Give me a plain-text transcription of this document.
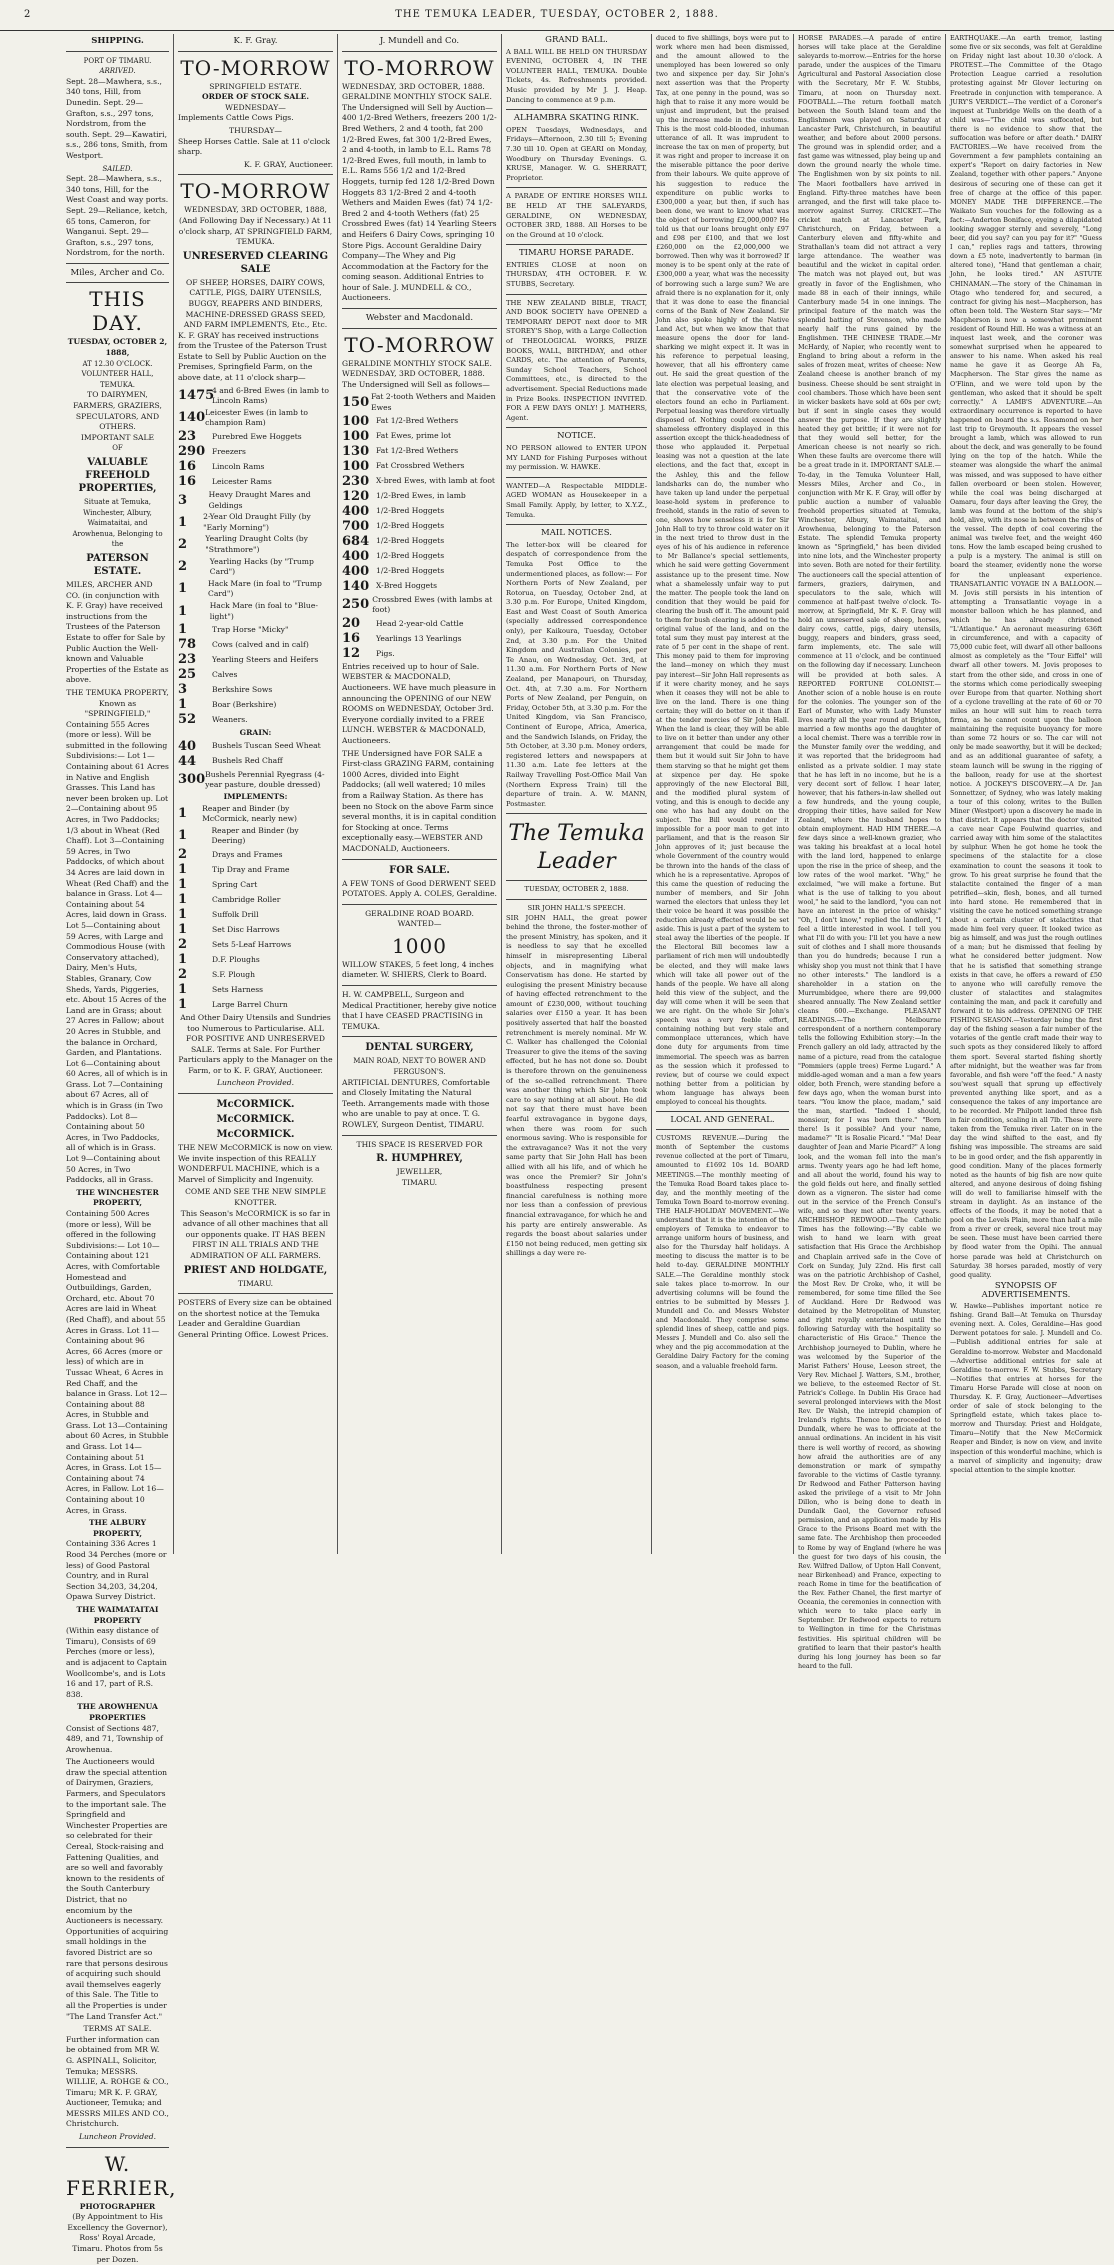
2	THE TEMUKA LEADER, TUESDAY, OCTOBER 2, 1888.
SHIPPING.
PORT OF TIMARU.
ARRIVED.

Sept. 28—Mawhera, s.s., 340 tons, Hill, from Dunedin. Sept. 29—Grafton, s.s., 297 tons, Nordstrom, from the south. Sept. 29—Kawatiri, s.s., 286 tons, Smith, from Westport.

SAILED.

Sept. 28—Mawhera, s.s., 340 tons, Hill, for the West Coast and way ports. Sept. 29—Reliance, ketch, 65 tons, Cameron, for Wanganui. Sept. 29—Grafton, s.s., 297 tons, Nordstrom, for the north.

Miles, Archer and Co.
THIS DAY.
TUESDAY, OCTOBER 2, 1888,
AT 12.30 O'CLOCK.
VOLUNTEER HALL, TEMUKA.
TO DAIRYMEN, FARMERS, GRAZIERS, SPECULATORS, AND OTHERS.
IMPORTANT SALE
OF
VALUABLE FREEHOLD PROPERTIES,
Situate at Temuka, Winchester, Albury, Waimataitai, and Arowhenua, Belonging to the
PATERSON ESTATE.

MILES, ARCHER AND CO. (in conjunction with K. F. Gray) have received instructions from the Trustees of the Paterson Estate to offer for Sale by Public Auction the Well-known and Valuable Properties of the Estate as above.

THE TEMUKA PROPERTY, Known as "SPRINGFIELD,"

Containing 555 Acres (more or less). Will be submitted in the following Subdivisions:— Lot 1—Containing about 61 Acres in Native and English Grasses. This Land has never been broken up. Lot 2—Containing about 95 Acres, in Two Paddocks; 1/3 about in Wheat (Red Chaff). Lot 3—Containing 59 Acres, in Two Paddocks, of which about 34 Acres are laid down in Wheat (Red Chaff) and the balance in Grass. Lot 4—Containing about 54 Acres, laid down in Grass. Lot 5—Containing about 59 Acres, with Large and Commodious House (with Conservatory attached), Dairy, Men's Huts, Stables, Granary, Cow Sheds, Yards, Piggeries, etc. About 15 Acres of the Land are in Grass; about 27 Acres in Fallow; about 20 Acres in Stubble, and the balance in Orchard, Garden, and Plantations. Lot 6—Containing about 60 Acres, all of which is in Grass. Lot 7—Containing about 67 Acres, all of which is in Grass (in Two Paddocks). Lot 8—Containing about 50 Acres, in Two Paddocks, all of which is in Grass. Lot 9—Containing about 50 Acres, in Two Paddocks, all in Grass.

THE WINCHESTER PROPERTY,

Containing 500 Acres (more or less), Will be offered in the following Subdivisions:— Lot 10—Containing about 121 Acres, with Comfortable Homestead and Outbuildings, Garden, Orchard, etc. About 70 Acres are laid in Wheat (Red Chaff), and about 55 Acres in Grass. Lot 11—Containing about 96 Acres, 66 Acres (more or less) of which are in Tussac Wheat, 6 Acres in Red Chaff, and the balance in Grass. Lot 12—Containing about 88 Acres, in Stubble and Grass. Lot 13—Containing about 60 Acres, in Stubble and Grass. Lot 14—Containing about 51 Acres, in Grass. Lot 15—Containing about 74 Acres, in Fallow. Lot 16—Containing about 10 Acres, in Grass.

THE ALBURY PROPERTY,

Containing 336 Acres 1 Rood 34 Perches (more or less) of Good Pastoral Country, and in Rural Section 34,203, 34,204, Opawa Survey District.

THE WAIMATAITAI PROPERTY

(Within easy distance of Timaru), Consists of 69 Perches (more or less), and is adjacent to Captain Woollcombe's, and is Lots 16 and 17, part of R.S. 838.

THE AROWHENUA PROPERTIES

Consist of Sections 487, 489, and 71, Township of Arowhenua.

The Auctioneers would draw the special attention of Dairymen, Graziers, Farmers, and Speculators to the important sale. The Springfield and Winchester Properties are so celebrated for their Cereal, Stock-raising and Fattening Qualities, and are so well and favorably known to the residents of the South Canterbury District, that no encomium by the Auctioneers is necessary. Opportunities of acquiring small holdings in the favored District are so rare that persons desirous of acquiring such should avail themselves eagerly of this Sale. The Title to all the Properties is under "The Land Transfer Act."

TERMS AT SALE.

Further information can be obtained from MR W. G. ASPINALL, Solicitor, Temuka; MESSRS. WILLIE, A. ROHGE & CO., Timaru; MR K. F. GRAY, Auctioneer, Temuka; and MESSRS MILES AND CO., Christchurch.

Luncheon Provided.
W. FERRIER,
PHOTOGRAPHER

(By Appointment to His Excellency the Governor), Ross' Royal Arcade, Timaru. Photos from 5s per Dozen.

K. F. Gray.
TO-MORROW
SPRINGFIELD ESTATE.
ORDER OF STOCK SALE.
WEDNESDAY—

Implements Cattle Cows Pigs.

THURSDAY—

Sheep Horses Cattle. Sale at 11 o'clock sharp.

K. F. GRAY, Auctioneer.
TO-MORROW
WEDNESDAY, 3RD OCTOBER, 1888, (And Following Day if Necessary.) At 11 o'clock sharp, AT SPRINGFIELD FARM, TEMUKA.
UNRESERVED CLEARING SALE
OF SHEEP, HORSES, DAIRY COWS, CATTLE, PIGS, DAIRY UTENSILS, BUGGY, REAPERS AND BINDERS, MACHINE-DRESSED GRASS SEED, AND FARM IMPLEMENTS, Etc., Etc.

K. F. GRAY has received instructions from the Trustee of the Paterson Trust Estate to Sell by Public Auction on the Premises, Springfield Farm, on the above date, at 11 o'clock sharp—

1475
4 and 6-Bred Ewes (in lamb to Lincoln Rams)
140 Leicester Ewes (in lamb to champion Ram)
23	Purebred Ewe Hoggets
290 Freezers
16	Lincoln Rams
16	Leicester Rams
3	Heavy Draught Mares and Geldings
1	2-Year Old Draught Filly (by "Early Morning")
2	Yearling Draught Colts (by "Strathmore")
2	Yearling Hacks (by "Trump Card")
1	Hack Mare (in foal to "Trump Card")
1	Hack Mare (in foal to "Blue-light")
1	Trap Horse "Micky"
78	Cows (calved and in calf)
23	Yearling Steers and Heifers
25	Calves
3	Berkshire Sows
1	Boar (Berkshire)
52	Weaners.
GRAIN:
40	Bushels Tuscan Seed Wheat
44	Bushels Red Chaff
300 Bushels Perennial Ryegrass (4-year pasture, double dressed)
IMPLEMENTS:
1	Reaper and Binder (by McCormick, nearly new)
1	Reaper and Binder (by Deering)
2	Drays and Frames
1	Tip Dray and Frame
1	Spring Cart
1	Cambridge Roller
1	Suffolk Drill
1	Set Disc Harrows
2	Sets 5-Leaf Harrows
1	D.F. Ploughs
2	S.F. Plough
1	Sets Harness
1	Large Barrel Churn

And Other Dairy Utensils and Sundries too Numerous to Particularise. ALL FOR POSITIVE AND UNRESERVED SALE. Terms at Sale. For Further Particulars apply to the Manager on the Farm, or to K. F. GRAY, Auctioneer.

Luncheon Provided.
McCORMICK.
McCORMICK.
McCORMICK.

THE NEW McCORMICK is now on view. We invite inspection of this REALLY WONDERFUL MACHINE, which is a Marvel of Simplicity and Ingenuity.

COME AND SEE THE NEW SIMPLE KNOTTER.

This Season's McCORMICK is so far in advance of all other machines that all our opponents quake. IT HAS BEEN FIRST IN ALL TRIALS AND THE ADMIRATION OF ALL FARMERS.

PRIEST AND HOLDGATE,
TIMARU.

POSTERS of Every size can be obtained on the shortest notice at the Temuka Leader and Geraldine Guardian General Printing Office. Lowest Prices.

J. Mundell and Co.
TO-MORROW

WEDNESDAY, 3RD OCTOBER, 1888. GERALDINE MONTHLY STOCK SALE. The Undersigned will Sell by Auction—400 1/2-Bred Wethers, freezers 200 1/2-Bred Wethers, 2 and 4 tooth, fat 200 1/2-Bred Ewes, fat 300 1/2-Bred Ewes, 2 and 4-tooth, in lamb to E.L. Rams 78 1/2-Bred Ewes, full mouth, in lamb to E.L. Rams 556 1/2 and 1/2-Bred Hoggets, turnip fed 128 1/2-Bred Down Hoggets 83 1/2-Bred 2 and 4-tooth Wethers and Maiden Ewes (fat) 74 1/2-Bred 2 and 4-tooth Wethers (fat) 25 Crossbred Ewes (fat) 14 Yearling Steers and Heifers 6 Dairy Cows, springing 10 Store Pigs. Account Geraldine Dairy Company—The Whey and Pig Accommodation at the Factory for the coming season. Additional Entries to hour of Sale. J. MUNDELL & CO., Auctioneers.

Webster and Macdonald.
TO-MORROW

GERALDINE MONTHLY STOCK SALE. WEDNESDAY, 3RD OCTOBER, 1888. The Undersigned will Sell as follows—

150 Fat 2-tooth Wethers and Maiden Ewes
100 Fat 1/2-Bred Wethers
100 Fat Ewes, prime lot
130 Fat 1/2-Bred Wethers
100 Fat Crossbred Wethers
230 X-bred Ewes, with lamb at foot
120 1/2-Bred Ewes, in lamb
400 1/2-Bred Hoggets
700 1/2-Bred Hoggets
684 1/2-Bred Hoggets
400 1/2-Bred Hoggets
400 1/2-Bred Hoggets
140 X-Bred Hoggets
250 Crossbred Ewes (with lambs at foot)
20	Head 2-year-old Cattle
16	Yearlings 13 Yearlings
12	Pigs.

Entries received up to hour of Sale. WEBSTER & MACDONALD, Auctioneers. WE have much pleasure in announcing the OPENING of our NEW ROOMS on WEDNESDAY, October 3rd. Everyone cordially invited to a FREE LUNCH. WEBSTER & MACDONALD, Auctioneers.

THE Undersigned have FOR SALE a First-class GRAZING FARM, containing 1000 Acres, divided into Eight Paddocks; (all well watered; 10 miles from a Railway Station. As there has been no Stock on the above Farm since several months, it is in capital condition for Stocking at once. Terms exceptionally easy.—WEBSTER AND MACDONALD, Auctioneers.

FOR SALE.

A FEW TONS of Good DERWENT SEED POTATOES. Apply A. COLES, Geraldine.

GERALDINE ROAD BOARD.
WANTED—
1000

WILLOW STAKES, 5 feet long, 4 inches diameter. W. SHIERS, Clerk to Board.

H. W. CAMPBELL, Surgeon and Medical Practitioner, hereby give notice that I have CEASED PRACTISING in TEMUKA.

DENTAL SURGERY,
MAIN ROAD, NEXT TO BOWER AND FERGUSON'S.

ARTIFICIAL DENTURES, Comfortable and Closely Imitating the Natural Teeth. Arrangements made with those who are unable to pay at once. T. G. ROWLEY, Surgeon Dentist, TIMARU.

THIS SPACE IS RESERVED FOR
R. HUMPHREY,
JEWELLER,
TIMARU.
GRAND BALL.

A BALL WILL BE HELD ON THURSDAY EVENING, OCTOBER 4, IN THE VOLUNTEER HALL, TEMUKA. Double Tickets, 4s. Refreshments provided. Music provided by Mr J. J. Heap. Dancing to commence at 9 p.m.

ALHAMBRA SKATING RINK.

OPEN Tuesdays, Wednesdays, and Fridays—Afternoon, 2.30 till 5; Evening 7.30 till 10. Open at GEARI on Monday, Woodbury on Thursday Evenings. G. KRUSE, Manager. W. G. SHERRATT, Proprietor.

A PARADE OF ENTIRE HORSES WILL BE HELD AT THE SALEYARDS, GERALDINE, ON WEDNESDAY, OCTOBER 3RD, 1888. All Horses to be on the Ground at 10 o'clock.

TIMARU HORSE PARADE.

ENTRIES CLOSE at noon on THURSDAY, 4TH OCTOBER. F. W. STUBBS, Secretary.

THE NEW ZEALAND BIBLE, TRACT, AND BOOK SOCIETY have OPENED a TEMPORARY DEPOT next door to MR STOREY'S Shop, with a Large Collection of THEOLOGICAL WORKS, PRIZE BOOKS, WALL, BIRTHDAY, and other CARDS, etc. The attention of Parents, Sunday School Teachers, School Committees, etc., is directed to the advertisement. Special Reductions made in Prize Books. INSPECTION INVITED. FOR A FEW DAYS ONLY! J. MATHERS, Agent.

NOTICE.

NO PERSON allowed to ENTER UPON MY LAND for Fishing Purposes without my permission. W. HAWKE.

WANTED—A Respectable MIDDLE-AGED WOMAN as Housekeeper in a Small Family. Apply, by letter, to X.Y.Z., Temuka.

MAIL NOTICES.

The letter-box will be cleared for despatch of correspondence from the Temuka Post Office to the undermentioned places, as follow:— For Northern Ports of New Zealand, per Rotorua, on Tuesday, October 2nd, at 3.30 p.m. For Europe, United Kingdom, East and West Coast of South America (specially addressed correspondence only), per Kaikoura, Tuesday, October 2nd, at 3.30 p.m. For the United Kingdom and Australian Colonies, per Te Anau, on Wednesday, Oct. 3rd, at 11.30 a.m. For Northern Ports of New Zealand, per Manapouri, on Thursday, Oct. 4th, at 7.30 a.m. For Northern Ports of New Zealand, per Penguin, on Friday, October 5th, at 3.30 p.m. For the United Kingdom, via San Francisco, Continent of Europe, Africa, America, and the Sandwich Islands, on Friday, the 5th October, at 3.30 p.m. Money orders, registered letters and newspapers at 11.30 a.m. Late fee letters at the Railway Travelling Post-Office Mail Van (Northern Express Train) till the departure of train. A. W. MANN, Postmaster.

The Temuka Leader
TUESDAY, OCTOBER 2, 1888.
SIR JOHN HALL'S SPEECH.

SIR JOHN HALL, the great power behind the throne, the foster-mother of the present Ministry, has spoken, and it is needless to say that he excelled himself in misrepresenting Liberal objects, and in magnifying what Conservatism has done. He started by eulogising the present Ministry because of having effected retrenchment to the amount of £230,000, without touching salaries over £150 a year. It has been positively asserted that half the boasted retrenchment is merely nominal. Mr W. C. Walker has challenged the Colonial Treasurer to give the items of the saving effected, but he has not done so. Doubt is therefore thrown on the genuineness of the so-called retrenchment. There was another thing which Sir John took care to say nothing at all about. He did not say that there must have been fearful extravagance in bygone days, when there was room for such enormous saving. Who is responsible for the extravagance? Was it not the very same party that Sir John Hall has been allied with all his life, and of which he was once the Premier? Sir John's boastfulness respecting present financial carefulness is nothing more nor less than a confession of previous financial extravagance, for which he and his party are entirely answerable. As regards the boast about salaries under £150 not being reduced, men getting six shillings a day were re-

duced to five shillings, boys were put to work where men had been dismissed, and the amount allowed to the unemployed has been lowered so only two and sixpence per day. Sir John's next assertion was that the Property Tax, at one penny in the pound, was so high that to raise it any more would be unjust and imprudent, but the praised up the increase made in the customs. This is the most cold-blooded, inhuman utterance of all. It was imprudent to increase the tax on men of property, but it was right and proper to increase it on the miserable pittance the poor derive from their labours. We quite approve of his suggestion to reduce the expenditure on public works to £300,000 a year, but then, if such has been done, we want to know what was the object of borrowing £2,000,000? He told us that our loans brought only £97 and £98 per £100, and that we lost £260,000 on the £2,000,000 we borrowed. Then why was it borrowed? If money is to be spent only at the rate of £300,000 a year, what was the necessity of borrowing such a large sum? We are afraid there is no explanation for it, only that it was done to ease the financial corns of the Bank of New Zealand. Sir John also spoke highly of the Native Land Act, but when we know that that measure opens the door for land-sharking we might expect it. It was in his reference to perpetual leasing, however, that all his effrontery came out. He said the great question of the late election was perpetual leasing, and that the conservative vote of the electors found an echo in Parliament. Perpetual leasing was therefore virtually disposed of. Nothing could exceed the shameless effrontery displayed in this assertion except the thick-headedness of those who applauded it. Perpetual leasing was not a question at the late elections, and the fact that, except in the Ashley, this and the fellow landsharks can do, the number who have taken up land under the perpetual lease-hold system in preference to freehold, stands in the ratio of seven to one, shows how senseless it is for Sir John Hall to try to throw cold water on it in the next tried to throw dust in the eyes of his of his audience in reference to Mr Ballance's special settlements, which he said were getting Government assistance up to the present time. Now what a shamelessly unfair way to put the matter. The people took the land on condition that they would be paid for clearing the bush off it. The amount paid to them for bush clearing is added to the original value of the land, and on the total sum they must pay interest at the rate of 5 per cent in the shape of rent. This money paid to them for improving the land—money on which they must pay interest—Sir John Hall represents as if it were charity money, and he says when it ceases they will not be able to live on the land. There is one thing certain; they will do better on it than if at the tender mercies of Sir John Hall. When the land is clear, they will be able to live on it better than under any other arrangement that could be made for them but it would suit Sir John to have them starving so that he might get them at sixpence per day. He spoke approvingly of the new Electoral Bill, and the modified plural system of voting, and this is enough to decide any one who has had any doubt on the subject. The Bill would render it impossible for a poor man to get into parliament, and that is the reason Sir John approves of it; just because the whole Government of the country would be thrown into the hands of the class of which he is a representative. Apropos of this came the question of reducing the number of members, and Sir John warned the electors that unless they let their voice be heard it was possible the reduction already effected would be set aside. This is just a part of the system to steal away the liberties of the people. If the Electoral Bill becomes law a parliament of rich men will undoubtedly be elected, and they will make laws which will take all power out of the hands of the people. We have all along held this view of the subject, and the day will come when it will be seen that we are right. On the whole Sir John's speech was a very feeble effort, containing nothing but very stale and commonplace utterances, which have done duty for arguments from time immemorial. The speech was as barren as the session which it professed to review, but of course we could expect nothing better from a politician by whom language has always been employed to conceal his thoughts.

LOCAL AND GENERAL.

CUSTOMS REVENUE.—During the month of September the customs revenue collected at the port of Timaru, amounted to £1692 10s 1d. BOARD MEETINGS.—The monthly meeting of the Temuka Road Board takes place to-day, and the monthly meeting of the Temuka Town Board to-morrow evening. THE HALF-HOLIDAY MOVEMENT.—We understand that it is the intention of the employers of Temuka to endeavor to arrange uniform hours of business, and also for the Thursday half holidays. A meeting to discuss the matter is to be held to-day. GERALDINE MONTHLY SALE.—The Geraldine monthly stock sale takes place to-morrow. In our advertising columns will be found the entries to be submitted by Messrs J. Mundell and Co. and Messrs Webster and Macdonald. They comprise some splendid lines of sheep, cattle and pigs. Messrs J. Mundell and Co. also sell the whey and the pig accommodation at the Geraldine Dairy Factory for the coming season, and a valuable freehold farm.

HORSE PARADES.—A parade of entire horses will take place at the Geraldine saleyards to-morrow.—Entries for the horse parade, under the auspices of the Timaru Agricultural and Pastoral Association close with the Secretary, Mr F. W. Stubbs, Timaru, at noon on Thursday next. FOOTBALL.—The return football match between the South Island team and the Englishmen was played on Saturday at Lancaster Park, Christchurch, in beautiful weather, and before about 2000 persons. The ground was in splendid order, and a fast game was witnessed, play being up and down the ground nearly the whole time. The Englishmen won by six points to nil. The Maori footballers have arrived in England. Fifty-three matches have been arranged, and the first will take place to-morrow against Surrey. CRICKET.—The cricket match at Lancaster Park, Christchurch, on Friday, between a Canterbury eleven and fifty-white and Strathallan's team did not attract a very large attendance. The weather was beautiful and the wicket in capital order. The match was not played out, but was greatly in favor of the Englishmen, who made 88 in each of their innings, while Canterbury made 54 in one innings. The principal feature of the match was the splendid batting of Stevenson, who made nearly half the runs gained by the Englishmen. THE CHINESE TRADE.—Mr McHardy, of Napier, who recently went to England to bring about a reform in the sales of frozen meat, writes of cheese: New Zealand cheese is another branch of my business. Cheese should be sent straight in cool chambers. Those which have been sent in wicker baskets have sold at 60s per cwt; but if sent in single cases they would answer the purpose. If they are slightly heated they get brittle; if it were not for that they would sell better, for the American cheese is not nearly so rich. When these faults are overcome there will be a great trade in it. IMPORTANT SALE.—To-day, in the Temuka Volunteer Hall, Messrs Miles, Archer and Co., in conjunction with Mr K. F. Gray, will offer by public auction a number of valuable freehold properties situated at Temuka, Winchester, Albury, Waimataitai, and Arowhenua, belonging to the Paterson Estate. The splendid Temuka property known as "Springfield," has been divided into nine lots, and the Winchester property into seven. Both are noted for their fertility. The auctioneers call the special attention of farmers, graziers, dairymen, and speculators to the sale, which will commence at half-past twelve o'clock. To-morrow, at Springfield, Mr K. F. Gray will hold an unreserved sale of sheep, horses, dairy cows, cattle, pigs, dairy utensils, buggy, reapers and binders, grass seed, farm implements, etc. The sale will commence at 11 o'clock, and be continued on the following day if necessary. Luncheon will be provided at both sales. A REPORTED FORTUNE COLONIST.—Another scion of a noble house is en route for the colonies. The younger son of the Earl of Munster, who with Lady Munster lives nearly all the year round at Brighton, married a few months ago the daughter of a local chemist. There was a terrible row in the Munster family over the wedding, and it was reported that the bridegroom had enlisted as a private soldier. I may state that he has left in no income, but he is a very decent sort of fellow. I hear later, however, that his fathers-in-law shelled out a few hundreds, and the young couple, dropping their titles, have sailed for New Zealand, where the husband hopes to obtain employment. HAD HIM THERE.—A few days since a well-known grazier, who was taking his breakfast at a local hotel with the land lord, happened to enlarge upon the rise in the price of sheep, and the low rates of the wool market. "Why," he exclaimed, "we will make a fortune. But what is the use of talking to you about wool," he said to the landlord, "you can not have an interest in the price of whisky." "Oh, I don't know," replied the landlord, "I feel a little interested in wool. I tell you what I'll do with you: I'll let you have a new suit of clothes and I shall more thousands than you do hundreds; because I run a whisky shop you must not think that I have no other interests." The landlord is a shareholder in a station on the Murrumbidgee, where there are 99,000 sheared annually. The New Zealand settler cleans 600.—Exchange. PLEASANT READINGS.—The Melbourne correspondent of a northern contemporary tells the following Exhibition story:—In the French gallery an old lady, attracted by the name of a picture, read from the catalogue "Pommiers (apple trees) Ferme Lugard." A middle-aged woman and a man a few years older, both French, were standing before a few days ago, when the woman burst into tears. "You know the place, madam," said the man, startled. "Indeed I should, monsieur, for I was born there." "Born there! Is it possible? And your name, madame?" "It is Rosalie Picard." "Ma! Dear daughter of Jean and Marie Picard?" A long look, and the woman fell into the man's arms. Twenty years ago he had left home, and all about the world, found his way to the gold fields out here, and finally settled down as a vigneron. The sister had come out in the service of the French Consul's wife, and so they met after twenty years. ARCHBISHOP REDWOOD.—The Catholic Times has the following:—"By cable we wish to hand we learn with great satisfaction that His Grace the Archbishop and Chaplain arrived safe in the Cove of Cork on Sunday, July 22nd. His first call was on the patriotic Archbishop of Cashel, the Most Rev. Dr Croke, who, it will be remembered, for some time filled the See of Auckland. Here Dr Redwood was detained by the Metropolitan of Munster, and right royally entertained until the following Saturday with the hospitality so characteristic of His Grace." Thence the Archbishop journeyed to Dublin, where he was welcomed by the Superior of the Marist Fathers' House, Leeson street, the Very Rev. Michael J. Watters, S.M., brother, we believe, to the esteemed Rector of St. Patrick's College. In Dublin His Grace had several prolonged interviews with the Most Rev. Dr Walsh, the intrepid champion of Ireland's rights. Thence he proceeded to Dundalk, where he was to officiate at the annual ordinations. An incident in his visit there is well worthy of record, as showing how afraid the authorities are of any demonstration or mark of sympathy favorable to the victims of Castle tyranny. Dr Redwood and Father Patterson having asked the privilege of a visit to Mr John Dillon, who is being done to death in Dundalk Gaol, the Governor refused permission, and an application made by His Grace to the Prisons Board met with the same fate. The Archbishop then proceeded to Rome by way of England (where he was the guest for two days of his cousin, the Rev. Wilfred Dallow, of Upton Hall Convent, near Birkenhead) and France, expecting to reach Rome in time for the beatification of the Rev. Father Chanel, the first martyr of Oceania, the ceremonies in connection with which were to take place early in September. Dr Redwood expects to return to Wellington in time for the Christmas festivities. His spiritual children will be gratified to learn that their pastor's health during his long journey has been so far heard to the full.

EARTHQUAKE.—An earth tremor, lasting some five or six seconds, was felt at Geraldine on Friday night last about 10.30 o'clock. A PROTEST.—The Committee of the Otago Protection League carried a resolution protesting against Mr Glover lecturing on Freetrade in conjunction with temperance. A JURY'S VERDICT.—The verdict of a Coroner's inquest at Tunbridge Wells on the death of a child was—"The child was suffocated, but there is no evidence to show that the suffocation was before or after death." DAIRY FACTORIES.—We have received from the Government a few pamphlets containing an expert's "Report on dairy factories in New Zealand, together with other papers." Anyone desirous of securing one of these can get it free of charge at the office of this paper. MONEY MADE THE DIFFERENCE.—The Waikato Sun vouches for the following as a fact:—Anderton Boniface, eyeing a dilapidated looking swagger sternly and severely, "Long beer, did you say? can you pay for it?" "Guess I can," replies rags and tatters, throwing down a £5 note, inadvertently to barman (in altered tone), "Hand that gentleman a chair, John, he looks tired." AN ASTUTE CHINAMAN.—The story of the Chinaman in Otago who tendered for, and secured, a contract for giving his nest—Macpherson, has often been told. The Western Star says:—"Mr Macpherson is now a somewhat prominent resident of Round Hill. He was a witness at an inquest last week, and the coroner was somewhat surprised when he appeared to answer to his name. When asked his real name he gave it as George Ah Fa, Macpherson. The Star gives the name as O'Flinn, and we were told upon by the gentleman, who asked that it should be spelt correctly." A LAMB'S ADVENTURE.—An extraordinary occurrence is reported to have happened on board the s.s. Rosamond on her last trip to Greymouth. It appears the vessel brought a lamb, which was allowed to run about the deck, and was generally to be found lying on the top of the hatch. While the steamer was alongside the wharf the animal was missed, and was supposed to have either fallen overboard or been stolen. However, while the coal was being discharged at Oamaru, four days after leaving the Grey, the lamb was found at the bottom of the ship's hold, alive, with its nose in between the ribs of the vessel. The depth of coal covering the animal was twelve feet, and the weight 460 tons. How the lamb escaped being crushed to a pulp is a mystery. The animal is still on board the steamer, evidently none the worse for the unpleasant experience. TRANSATLANTIC VOYAGE IN A BALLOON.—M. Jovis still persists in his intention of attempting a Transatlantic voyage in a monster balloon which he has planned, and which he has already christened "L'Atlantique." An aeronaut measuring 636ft in circumference, and with a capacity of 75,000 cubic feet, will dwarf all other balloons almost as completely as the "Tour Eiffel" will dwarf all other towers. M. Jovis proposes to start from the other side, and cross in one of the storms which come periodically sweeping over Europe from that quarter. Nothing short of a cyclone travelling at the rate of 60 or 70 miles an hour will suit him to reach terra firma, as he cannot count upon the balloon maintaining the requisite buoyancy for more than some 72 hours or so. The car will not only be made seaworthy, but it will be decked; and as an additional guarantee of safety, a steam launch will be swung in the rigging of the balloon, ready for use at the shortest notice. A JOCKEY'S DISCOVERY.—A Dr. Jan Sonnettzer, of Sydney, who was lately making a tour of this colony, writes to the Bullen Miner (Westport) upon a discovery he made in that district. It appears that the doctor visited a cave near Cape Foulwind quarries, and carried away with him some of the stalactites by sulphur. When he got home he took the specimens of the stalactite for a close examination to count the seasons it took to grow. To his great surprise he found that the stalactite contained the finger of a man petrified—skin, flesh, bones, and all turned into hard stone. He remembered that in visiting the cave he noticed something strange about a certain cluster of stalactites that made him feel very queer. It looked twice as big as himself, and was just the rough outlines of a man; but he dismissed that feeling by what he considered better judgment. Now that he is satisfied that something strange exists in that cave, he offers a reward of £50 to anyone who will carefully remove the cluster of stalactites and stalagmites containing the man, and pack it carefully and forward it to his address. OPENING OF THE FISHING SEASON.—Yesterday being the first day of the fishing season a fair number of the votaries of the gentle craft made their way to such spots as they considered likely to afford them sport. Several started fishing shortly after midnight, but the weather was far from favorable, and fish were "off the feed." A nasty sou'west squall that sprung up effectively prevented anything like sport, and as a consequence the takes of any importance are to be recorded. Mr Philpott landed three fish in fair condition, scaling in all 7lb. These were taken from the Temuka river. Later on in the day the wind shifted to the east, and fly fishing was impossible. The streams are said to be in good order, and the fish apparently in good condition. Many of the places formerly noted as the haunts of big fish are now quite altered, and anyone desirous of doing fishing will do well to familiarise himself with the stream in daylight. As an instance of the effects of the floods, it may be noted that a pool on the Levels Plain, more than half a mile from a river or creek, several nice trout may be seen. These must have been carried there by flood water from the Opihi. The annual horse parade was held at Christchurch on Saturday. 38 horses paraded, mostly of very good quality.

SYNOPSIS OF ADVERTISEMENTS.

W. Hawke—Publishes important notice re fishing. Grand Ball—At Temuka on Thursday evening next. A. Coles, Geraldine—Has good Derwent potatoes for sale. J. Mundell and Co.—Publish additional entries for sale at Geraldine to-morrow. Webster and Macdonald—Advertise additional entries for sale at Geraldine to-morrow. F. W. Stubbs, Secretary—Notifies that entries at horses for the Timaru Horse Parade will close at noon on Thursday. K. F. Gray, Auctioneer—Advertises order of sale of stock belonging to the Springfield estate, which takes place to-morrow and Thursday. Priest and Holdgate, Timaru—Notify that the New McCormick Reaper and Binder, is now on view, and invite inspection of this wonderful machine, which is a marvel of simplicity and ingenuity; draw special attention to the simple knotter.
